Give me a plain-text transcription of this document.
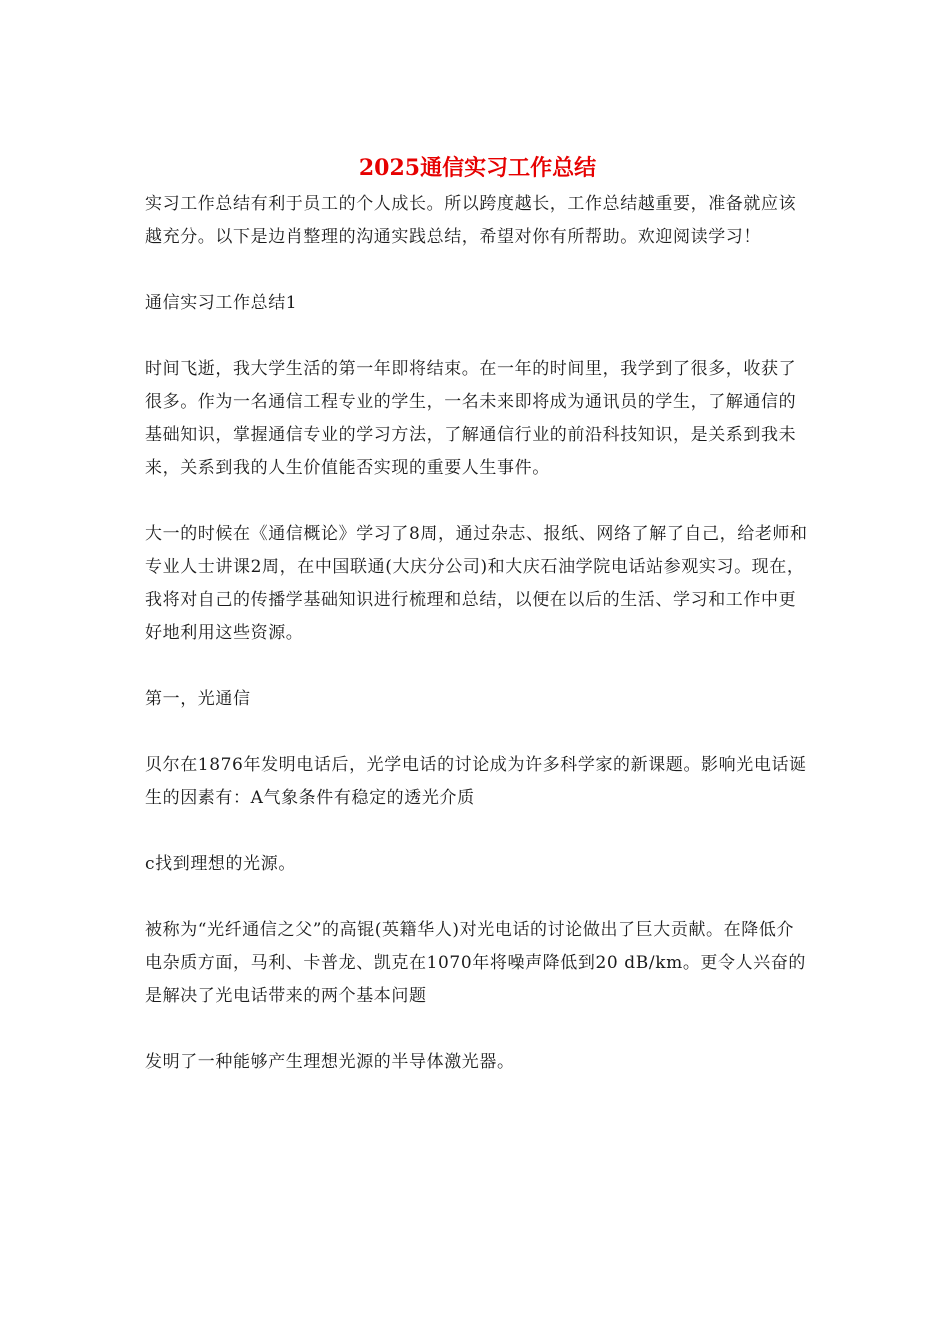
2025通信实习工作总结

实习工作总结有利于员工的个人成长。所以跨度越长，工作总结越重要，准备就应该越充分。以下是边肖整理的沟通实践总结，希望对你有所帮助。欢迎阅读学习！

通信实习工作总结1

时间飞逝，我大学生活的第一年即将结束。在一年的时间里，我学到了很多，收获了很多。作为一名通信工程专业的学生，一名未来即将成为通讯员的学生，了解通信的基础知识，掌握通信专业的学习方法，了解通信行业的前沿科技知识，是关系到我未来，关系到我的人生价值能否实现的重要人生事件。

大一的时候在《通信概论》学习了8周，通过杂志、报纸、网络了解了自己，给老师和专业人士讲课2周，在中国联通(大庆分公司)和大庆石油学院电话站参观实习。现在，我将对自己的传播学基础知识进行梳理和总结，以便在以后的生活、学习和工作中更好地利用这些资源。

第一，光通信

贝尔在1876年发明电话后，光学电话的讨论成为许多科学家的新课题。影响光电话诞生的因素有：A气象条件有稳定的透光介质

c找到理想的光源。

被称为“光纤通信之父”的高锟(英籍华人)对光电话的讨论做出了巨大贡献。在降低介电杂质方面，马利、卡普龙、凯克在1070年将噪声降低到20 dB/km。更令人兴奋的是解决了光电话带来的两个基本问题

发明了一种能够产生理想光源的半导体激光器。
